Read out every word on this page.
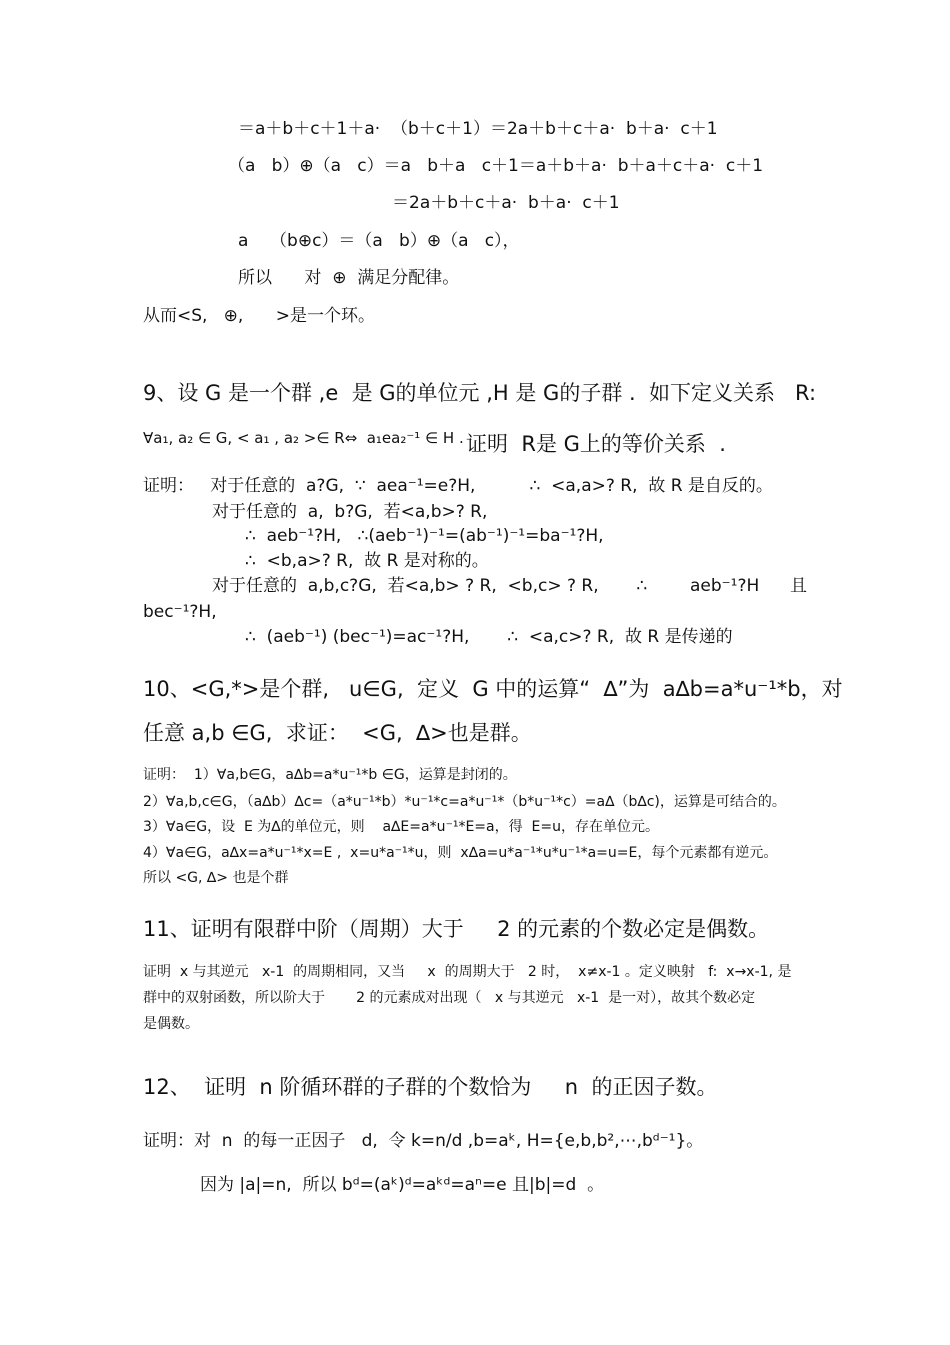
＝a＋b＋c＋1＋a·  （b＋c＋1）＝2a＋b＋c＋a·  b＋a·  c＋1
（a   b）⊕（a   c）＝a   b＋a   c＋1＝a＋b＋a·  b＋a＋c＋a·  c＋1
＝2a＋b＋c＋a·  b＋a·  c＋1
a    （b⊕c）＝（a   b）⊕（a   c），
所以      对  ⊕  满足分配律。
从而<S,   ⊕,      >是一个环。
9、设 G 是一个群 ,e  是 G的单位元 ,H 是 G的子群 .  如下定义关系   R:
∀a₁, a₂ ∈ G, < a₁ , a₂ >∈ R⇔  a₁ea₂⁻¹ ∈ H . 证明  R是 G上的等价关系  .
证明：   对于任意的  a?G,  ∵  aea⁻¹=e?H,          ∴  <a,a>? R,  故 R 是自反的。
对于任意的  a,  b?G,  若<a,b>? R,
∴  aeb⁻¹?H,   ∴(aeb⁻¹)⁻¹=(ab⁻¹)⁻¹=ba⁻¹?H,
∴  <b,a>? R,  故 R 是对称的。
对于任意的  a,b,c?G,  若<a,b> ? R,  <b,c> ? R,       ∴	aeb⁻¹?H 且
bec⁻¹?H,
∴  (aeb⁻¹) (bec⁻¹)=ac⁻¹?H,       ∴  <a,c>? R,  故 R 是传递的
10、<G,*>是个群,   u∈G,  定义  G 中的运算“  ∆”为  a∆b=a*u⁻¹*b，对
任意 a,b ∈G,  求证：  <G,  ∆>也是群。
证明：  1）∀a,b∈G，a∆b=a*u⁻¹*b ∈G，运算是封闭的。
2）∀a,b,c∈G，（a∆b）∆c=（a*u⁻¹*b）*u⁻¹*c=a*u⁻¹*（b*u⁻¹*c）=a∆（b∆c)，运算是可结合的。
3）∀a∈G，设  E 为∆的单位元，则    a∆E=a*u⁻¹*E=a，得  E=u，存在单位元。
4）∀a∈G，a∆x=a*u⁻¹*x=E ,  x=u*a⁻¹*u，则  x∆a=u*a⁻¹*u*u⁻¹*a=u=E，每个元素都有逆元。
所以 <G, ∆> 也是个群
11、证明有限群中阶（周期）大于     2 的元素的个数必定是偶数。
证明  x 与其逆元   x-1  的周期相同，又当     x  的周期大于   2 时，  x≠x-1 。定义映射   f:  x→x-1, 是
群中的双射函数，所以阶大于       2 的元素成对出现（   x 与其逆元   x-1  是一对），故其个数必定
是偶数。
12、  证明  n 阶循环群的子群的个数恰为     n  的正因子数。
证明：对  n  的每一正因子   d,  令 k=n/d ,b=aᵏ, H={e,b,b²,⋯,bᵈ⁻¹}。
因为 |a|=n,  所以 bᵈ=(aᵏ)ᵈ=aᵏᵈ=aⁿ=e 且|b|=d  。
